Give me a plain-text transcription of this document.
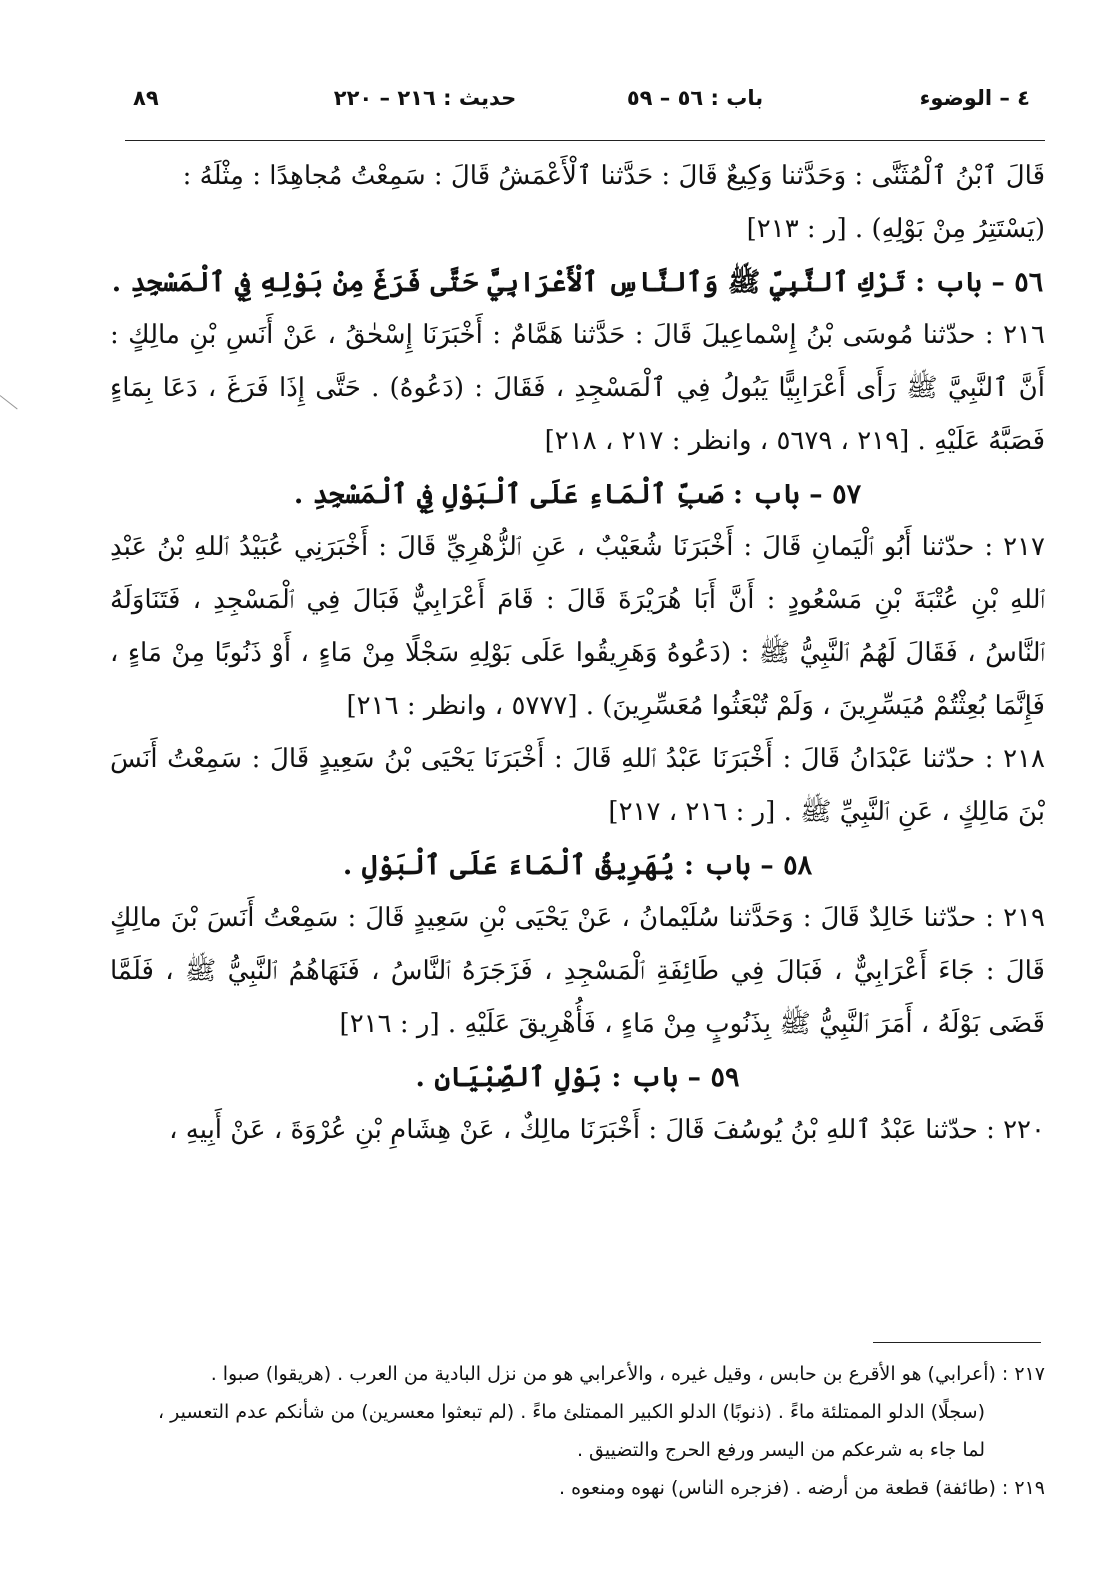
٨٩	حديث : ٢١٦ – ٢٢٠	باب : ٥٦ – ٥٩	٤ – الوضوء

قَالَ ٱبْنُ ٱلْمُثَنَّى : وَحَدَّثنا وَكِيعٌ قَالَ : حَدَّثنا ٱلْأَعْمَشُ قَالَ : سَمِعْتُ مُجاهِدًا : مِثْلَهُ :

(يَسْتَتِرُ مِنْ بَوْلِهِ) . [ر : ٢١٣]

٥٦ – باب : تَرْكِ ٱلنَّبِيِّ ﷺ وَٱلنَّاسِ ٱلْأَعْرَابِيَّ حَتَّى فَرَغَ مِنْ بَوْلِهِ فِي ٱلْمَسْجِدِ .

٢١٦ : حدّثنا مُوسَى بْنُ إِسْماعِيلَ قَالَ : حَدَّثنا هَمَّامٌ : أَخْبَرَنَا إِسْحٰقُ ، عَنْ أَنَسِ بْنِ مالِكٍ : أَنَّ ٱلنَّبِيَّ ﷺ رَأَى أَعْرَابِيًّا يَبُولُ فِي ٱلْمَسْجِدِ ، فَقَالَ : (دَعُوهُ) . حَتَّى إِذَا فَرَغَ ، دَعَا بِمَاءٍ فَصَبَّهُ عَلَيْهِ . [٢١٩ ، ٥٦٧٩ ، وانظر : ٢١٧ ، ٢١٨]

٥٧ – باب : صَبِّ ٱلْمَاءِ عَلَى ٱلْبَوْلِ فِي ٱلْمَسْجِدِ .

٢١٧ : حدّثنا أَبُو ٱلْيَمانِ قَالَ : أَخْبَرَنَا شُعَيْبٌ ، عَنِ ٱلزُّهْرِيِّ قَالَ : أَخْبَرَنِي عُبَيْدُ ٱللهِ بْنُ عَبْدِ ٱللهِ بْنِ عُتْبَةَ بْنِ مَسْعُودٍ : أَنَّ أَبَا هُرَيْرَةَ قَالَ : قَامَ أَعْرَابِيٌّ فَبَالَ فِي ٱلْمَسْجِدِ ، فَتَنَاوَلَهُ ٱلنَّاسُ ، فَقَالَ لَهُمُ ٱلنَّبِيُّ ﷺ : (دَعُوهُ وَهَرِيقُوا عَلَى بَوْلِهِ سَجْلًا مِنْ مَاءٍ ، أَوْ ذَنُوبًا مِنْ مَاءٍ ، فَإِنَّمَا بُعِثْتُمْ مُيَسِّرِينَ ، وَلَمْ تُبْعَثُوا مُعَسِّرِينَ) . [٥٧٧٧ ، وانظر : ٢١٦]

٢١٨ : حدّثنا عَبْدَانُ قَالَ : أَخْبَرَنَا عَبْدُ ٱللهِ قَالَ : أَخْبَرَنَا يَحْيَى بْنُ سَعِيدٍ قَالَ : سَمِعْتُ أَنَسَ بْنَ مَالِكٍ ، عَنِ ٱلنَّبِيِّ ﷺ . [ر : ٢١٦ ، ٢١٧]

٥٨ – باب : يُهَرِيقُ ٱلْمَاءَ عَلَى ٱلْبَوْلِ .

٢١٩ : حدّثنا خَالِدٌ قَالَ : وَحَدَّثنا سُلَيْمانُ ، عَنْ يَحْيَى بْنِ سَعِيدٍ قَالَ : سَمِعْتُ أَنَسَ بْنَ مالِكٍ قَالَ : جَاءَ أَعْرَابِيٌّ ، فَبَالَ فِي طَائِفَةِ ٱلْمَسْجِدِ ، فَزَجَرَهُ ٱلنَّاسُ ، فَنَهَاهُمُ ٱلنَّبِيُّ ﷺ ، فَلَمَّا قَضَى بَوْلَهُ ، أَمَرَ ٱلنَّبِيُّ ﷺ بِذَنُوبٍ مِنْ مَاءٍ ، فَأُهْرِيقَ عَلَيْهِ . [ر : ٢١٦]

٥٩ – باب : بَوْلِ ٱلصِّبْيَانِ .

٢٢٠ : حدّثنا عَبْدُ ٱللهِ بْنُ يُوسُفَ قَالَ : أَخْبَرَنَا مالِكٌ ، عَنْ هِشَامِ بْنِ عُرْوَةَ ، عَنْ أَبِيهِ ،

٢١٧ : (أعرابي) هو الأقرع بن حابس ، وقيل غيره ، والأعرابي هو من نزل البادية من العرب . (هريقوا) صبوا .

(سجلًا) الدلو الممتلئة ماءً . (ذنوبًا) الدلو الكبير الممتلئ ماءً . (لم تبعثوا معسرين) من شأنكم عدم التعسير ،

لما جاء به شرعكم من اليسر ورفع الحرج والتضييق .

٢١٩ : (طائفة) قطعة من أرضه . (فزجره الناس) نهوه ومنعوه .
